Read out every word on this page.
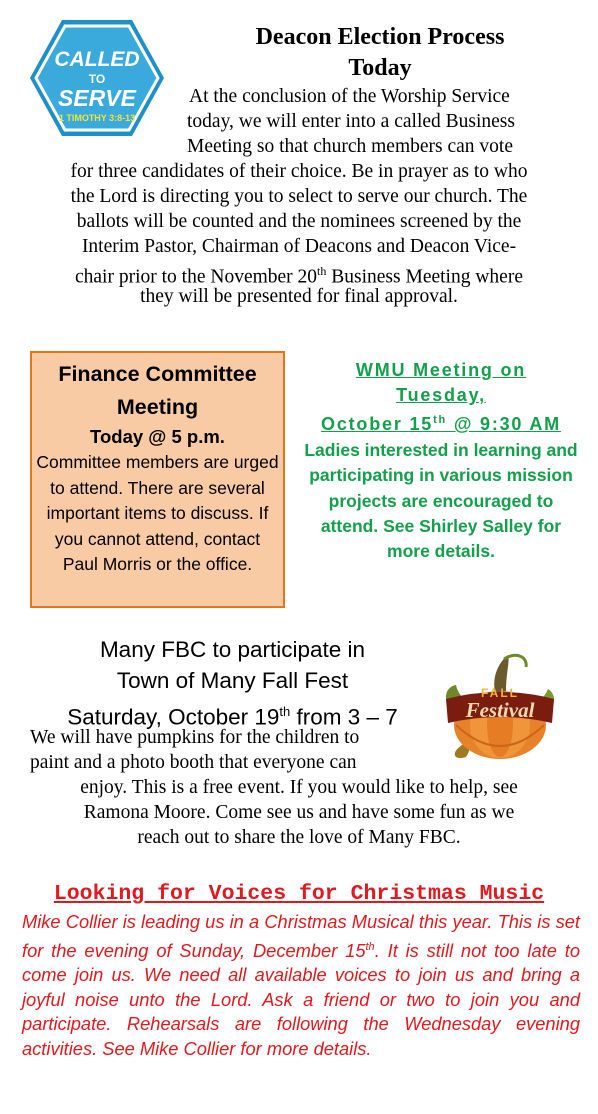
CALLED
TO
SERVE
1 TIMOTHY 3:8-13
Deacon Election Process
Today
At the conclusion of the Worship Service
today, we will enter into a called Business
Meeting so that church members can vote
for three candidates of their choice. Be in prayer as to who
the Lord is directing you to select to serve our church. The
ballots will be counted and the nominees screened by the
Interim Pastor, Chairman of Deacons and Deacon Vice-
chair prior to the November 20th Business Meeting where
they will be presented for final approval.
Finance Committee
Meeting
Today @ 5 p.m.
Committee members are urged to attend. There are several important items to discuss. If you cannot attend, contact Paul Morris or the office.
WMU Meeting on
Tuesday,
October 15th @ 9:30 AM
Ladies interested in learning and participating in various mission projects are encouraged to attend. See Shirley Salley for more details.
Many FBC to participate in
Town of Many Fall Fest
Saturday, October 19th from 3 – 7
FALL
Festival
We will have pumpkins for the children to
paint and a photo booth that everyone can
enjoy. This is a free event. If you would like to help, see
Ramona Moore. Come see us and have some fun as we
reach out to share the love of Many FBC.
Looking for Voices for Christmas Music
Mike Collier is leading us in a Christmas Musical this year. This is set for the evening of Sunday, December 15th. It is still not too late to come join us. We need all available voices to join us and bring a joyful noise unto the Lord. Ask a friend or two to join you and participate. Rehearsals are following the Wednesday evening activities. See Mike Collier for more details.
